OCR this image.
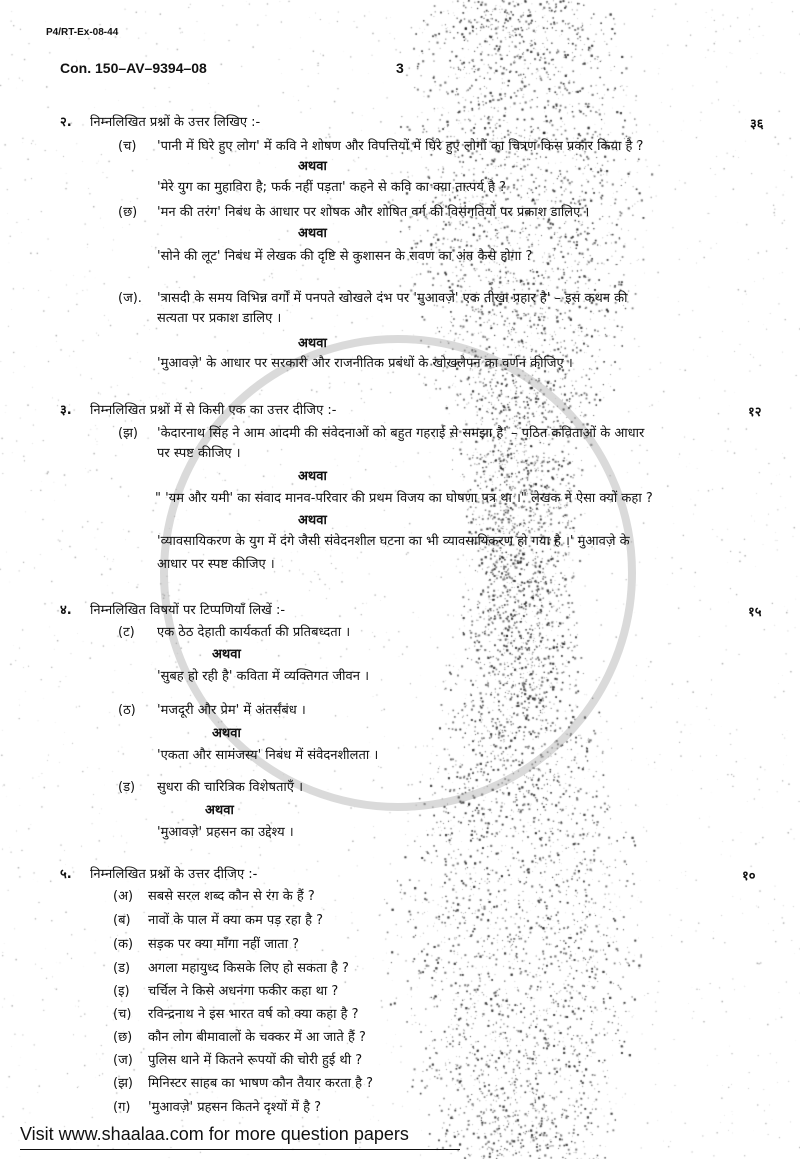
P4/RT-Ex-08-44
Con. 150–AV–9394–08	3
२. निम्नलिखित प्रश्नों के उत्तर लिखिए :-	३६
(च) 'पानी में घिरे हुए लोग' में कवि ने शोषण और विपत्तियों में घिरे हुए लोगों का चित्रण किस प्रकार किया है ?
अथवा
'मेरे युग का मुहाविरा है; फर्क नहीं पड़ता' कहने से कवि का क्या तात्पर्य है ?
(छ) 'मन की तरंग' निबंध के आधार पर शोषक और शोषित वर्ग की विसंगतियों पर प्रकाश डालिए ।
अथवा
'सोने की लूट' निबंध में लेखक की दृष्टि से कुशासन के रावण का अंत कैसे होगा ?
(ज). 'त्रासदी के समय विभिन्न वर्गों में पनपते खोखले दंभ पर 'मुआवज़े' एक तीखा प्रहार है' – इस कथन की
सत्यता पर प्रकाश डालिए ।
अथवा
'मुआवज़े' के आधार पर सरकारी और राजनीतिक प्रबंधों के खोखलेपन का वर्णन कीजिए ।
३. निम्नलिखित प्रश्नों में से किसी एक का उत्तर दीजिए :-	१२
(झ) 'केदारनाथ सिंह ने आम आदमी की संवेदनाओं को बहुत गहराई से समझा है' – पठित कविताओं के आधार
पर स्पष्ट कीजिए ।
अथवा
" 'यम और यमी' का संवाद मानव-परिवार की प्रथम विजय का घोषणा पत्र था ।" लेखक ने ऐसा क्यों कहा ?
अथवा
'व्यावसायिकरण के युग में दंगे जैसी संवेदनशील घटना का भी व्यावसायिकरण हो गया है ।' मुआवज़े के
आधार पर स्पष्ट कीजिए ।
४. निम्नलिखित विषयों पर टिप्पणियाँ लिखें :-	१५
(ट) एक ठेठ देहाती कार्यकर्ता की प्रतिबध्दता ।
अथवा
'सुबह हो रही है' कविता में व्यक्तिगत जीवन ।
(ठ) 'मजदूरी और प्रेम' में अंतर्संबंध ।
अथवा
'एकता और सामंजस्य' निबंध में संवेदनशीलता ।
(ड) सुधरा की चारित्रिक विशेषताएँ ।
अथवा
'मुआवज़े' प्रहसन का उद्देश्य ।
५. निम्नलिखित प्रश्नों के उत्तर दीजिए :-	१०
(अ) सबसे सरल शब्द कौन से रंग के हैं ?
(ब) नावों के पाल में क्या कम पड़ रहा है ?
(क) सड़क पर क्या माँगा नहीं जाता ?
(ड) अगला महायुध्द किसके लिए हो सकता है ?
(इ) चर्चिल ने किसे अधनंगा फकीर कहा था ?
(च) रविन्द्रनाथ ने इस भारत वर्ष को क्या कहा है ?
(छ) कौन लोग बीमावालों के चक्कर में आ जाते हैं ?
(ज) पुलिस थाने में कितने रूपयों की चोरी हुई थी ?
(झ) मिनिस्टर साहब का भाषण कौन तैयार करता है ?
(ग) 'मुआवज़े' प्रहसन कितने दृश्यों में है ?
Visit www.shaalaa.com for more question papers
